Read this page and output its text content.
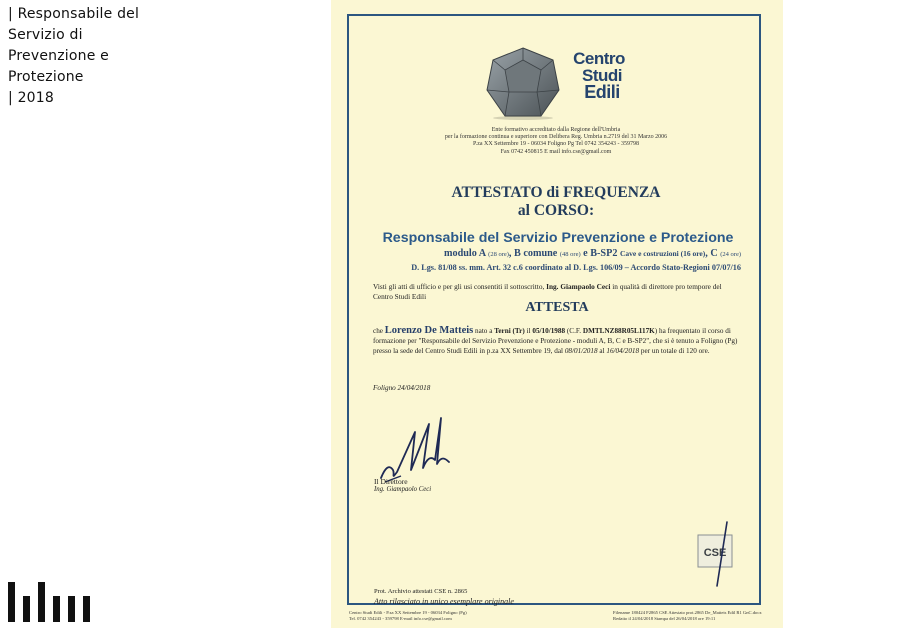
| Responsabile del
Servizio di
Prevenzione e
Protezione
| 2018

Centro
Studi
Edili
Ente formativo accreditato dalla Regione dell'Umbria
per la formazione continua e superiore con Delibera Reg. Umbria n.2719 del 31 Marzo 2006
P.za XX Settembre 19 - 06034 Foligno Pg Tel 0742 354243 - 359798
Fax 0742 450815 E mail info.cse@gmail.com
ATTESTATO di FREQUENZA
al CORSO:
Responsabile del Servizio Prevenzione e Protezione
modulo A (28 ore), B comune (48 ore) e B-SP2 Cave e costruzioni (16 ore), C (24 ore)
D. Lgs. 81/08 ss. mm. Art. 32 c.6 coordinato al D. Lgs. 106/09 – Accordo Stato-Regioni 07/07/16
Visti gli atti di ufficio e per gli usi consentiti il sottoscritto, Ing. Giampaolo Ceci in qualità di direttore pro tempore del Centro Studi Edili
ATTESTA
che Lorenzo De Matteis nato a Terni (Tr) il 05/10/1988 (C.F. DMTLNZ88R05L117K) ha frequentato il corso di formazione per "Responsabile del Servizio Prevenzione e Protezione - moduli A, B, C e B-SP2", che si è tenuto a Foligno (Pg) presso la sede del Centro Studi Edili in p.za XX Settembre 19, dal 08/01/2018 al 16/04/2018 per un totale di 120 ore.
Foligno 24/04/2018
Il Direttore
Ing. Giampaolo Ceci
CSE
Prot. Archivio attestati CSE n. 2865
Atto rilasciato in unico esemplare originale
Centro Studi Edili - P.za XX Settembre 19 - 06034 Foligno (Pg)
Tel. 0742 354243 - 359798 E-mail info.cse@gmail.com
Filename 180424 F2865 CSE Attestato prot.2865 De_Matteis Edil R1 GnC.docx
Redatto il 24/04/2018 Stampa del 26/04/2018 ore 19:11
